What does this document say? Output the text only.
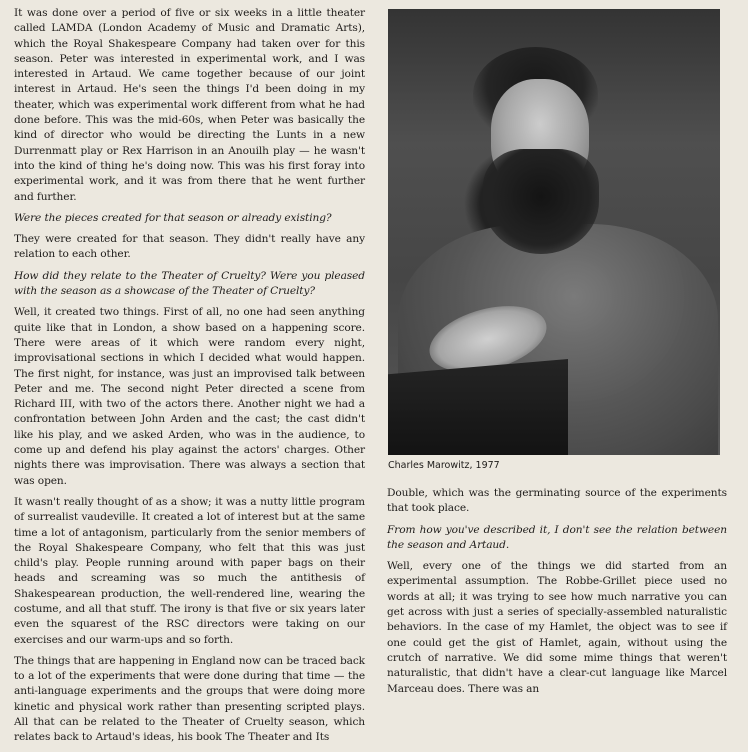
It was done over a period of five or six weeks in a little theater called LAMDA (London Academy of Music and Dramatic Arts), which the Royal Shakespeare Company had taken over for this season. Peter was interested in experimental work, and I was interested in Artaud. We came together because of our joint interest in Artaud. He's seen the things I'd been doing in my theater, which was experimental work different from what he had done before. This was the mid-60s, when Peter was basically the kind of director who would be directing the Lunts in a new Durrenmatt play or Rex Harrison in an Anouilh play — he wasn't into the kind of thing he's doing now. This was his first foray into experimental work, and it was from there that he went further and further.

Were the pieces created for that season or already existing?

They were created for that season. They didn't really have any relation to each other.

How did they relate to the Theater of Cruelty? Were you pleased with the season as a showcase of the Theater of Cruelty?

Well, it created two things. First of all, no one had seen anything quite like that in London, a show based on a happening score. There were areas of it which were random every night, improvisational sections in which I decided what would happen. The first night, for instance, was just an improvised talk between Peter and me. The second night Peter directed a scene from Richard III, with two of the actors there. Another night we had a confrontation between John Arden and the cast; the cast didn't like his play, and we asked Arden, who was in the audience, to come up and defend his play against the actors' charges. Other nights there was improvisation. There was always a section that was open.

It wasn't really thought of as a show; it was a nutty little program of surrealist vaudeville. It created a lot of interest but at the same time a lot of antagonism, particularly from the senior members of the Royal Shakespeare Company, who felt that this was just child's play. People running around with paper bags on their heads and screaming was so much the antithesis of Shakespearean production, the well-rendered line, wearing the costume, and all that stuff. The irony is that five or six years later even the squarest of the RSC directors were taking on our exercises and our warm-ups and so forth.

The things that are happening in England now can be traced back to a lot of the experiments that were done during that time — the anti-language experiments and the groups that were doing more kinetic and physical work rather than presenting scripted plays. All that can be related to the Theater of Cruelty season, which relates back to Artaud's ideas, his book The Theater and Its

Charles Marowitz, 1977

Double, which was the germinating source of the experiments that took place.

From how you've described it, I don't see the relation between the season and Artaud.

Well, every one of the things we did started from an experimental assumption. The Robbe-Grillet piece used no words at all; it was trying to see how much narrative you can get across with just a series of specially-assembled naturalistic behaviors. In the case of my Hamlet, the object was to see if one could get the gist of Hamlet, again, without using the crutch of narrative. We did some mime things that weren't naturalistic, that didn't have a clear-cut language like Marcel Marceau does. There was an
